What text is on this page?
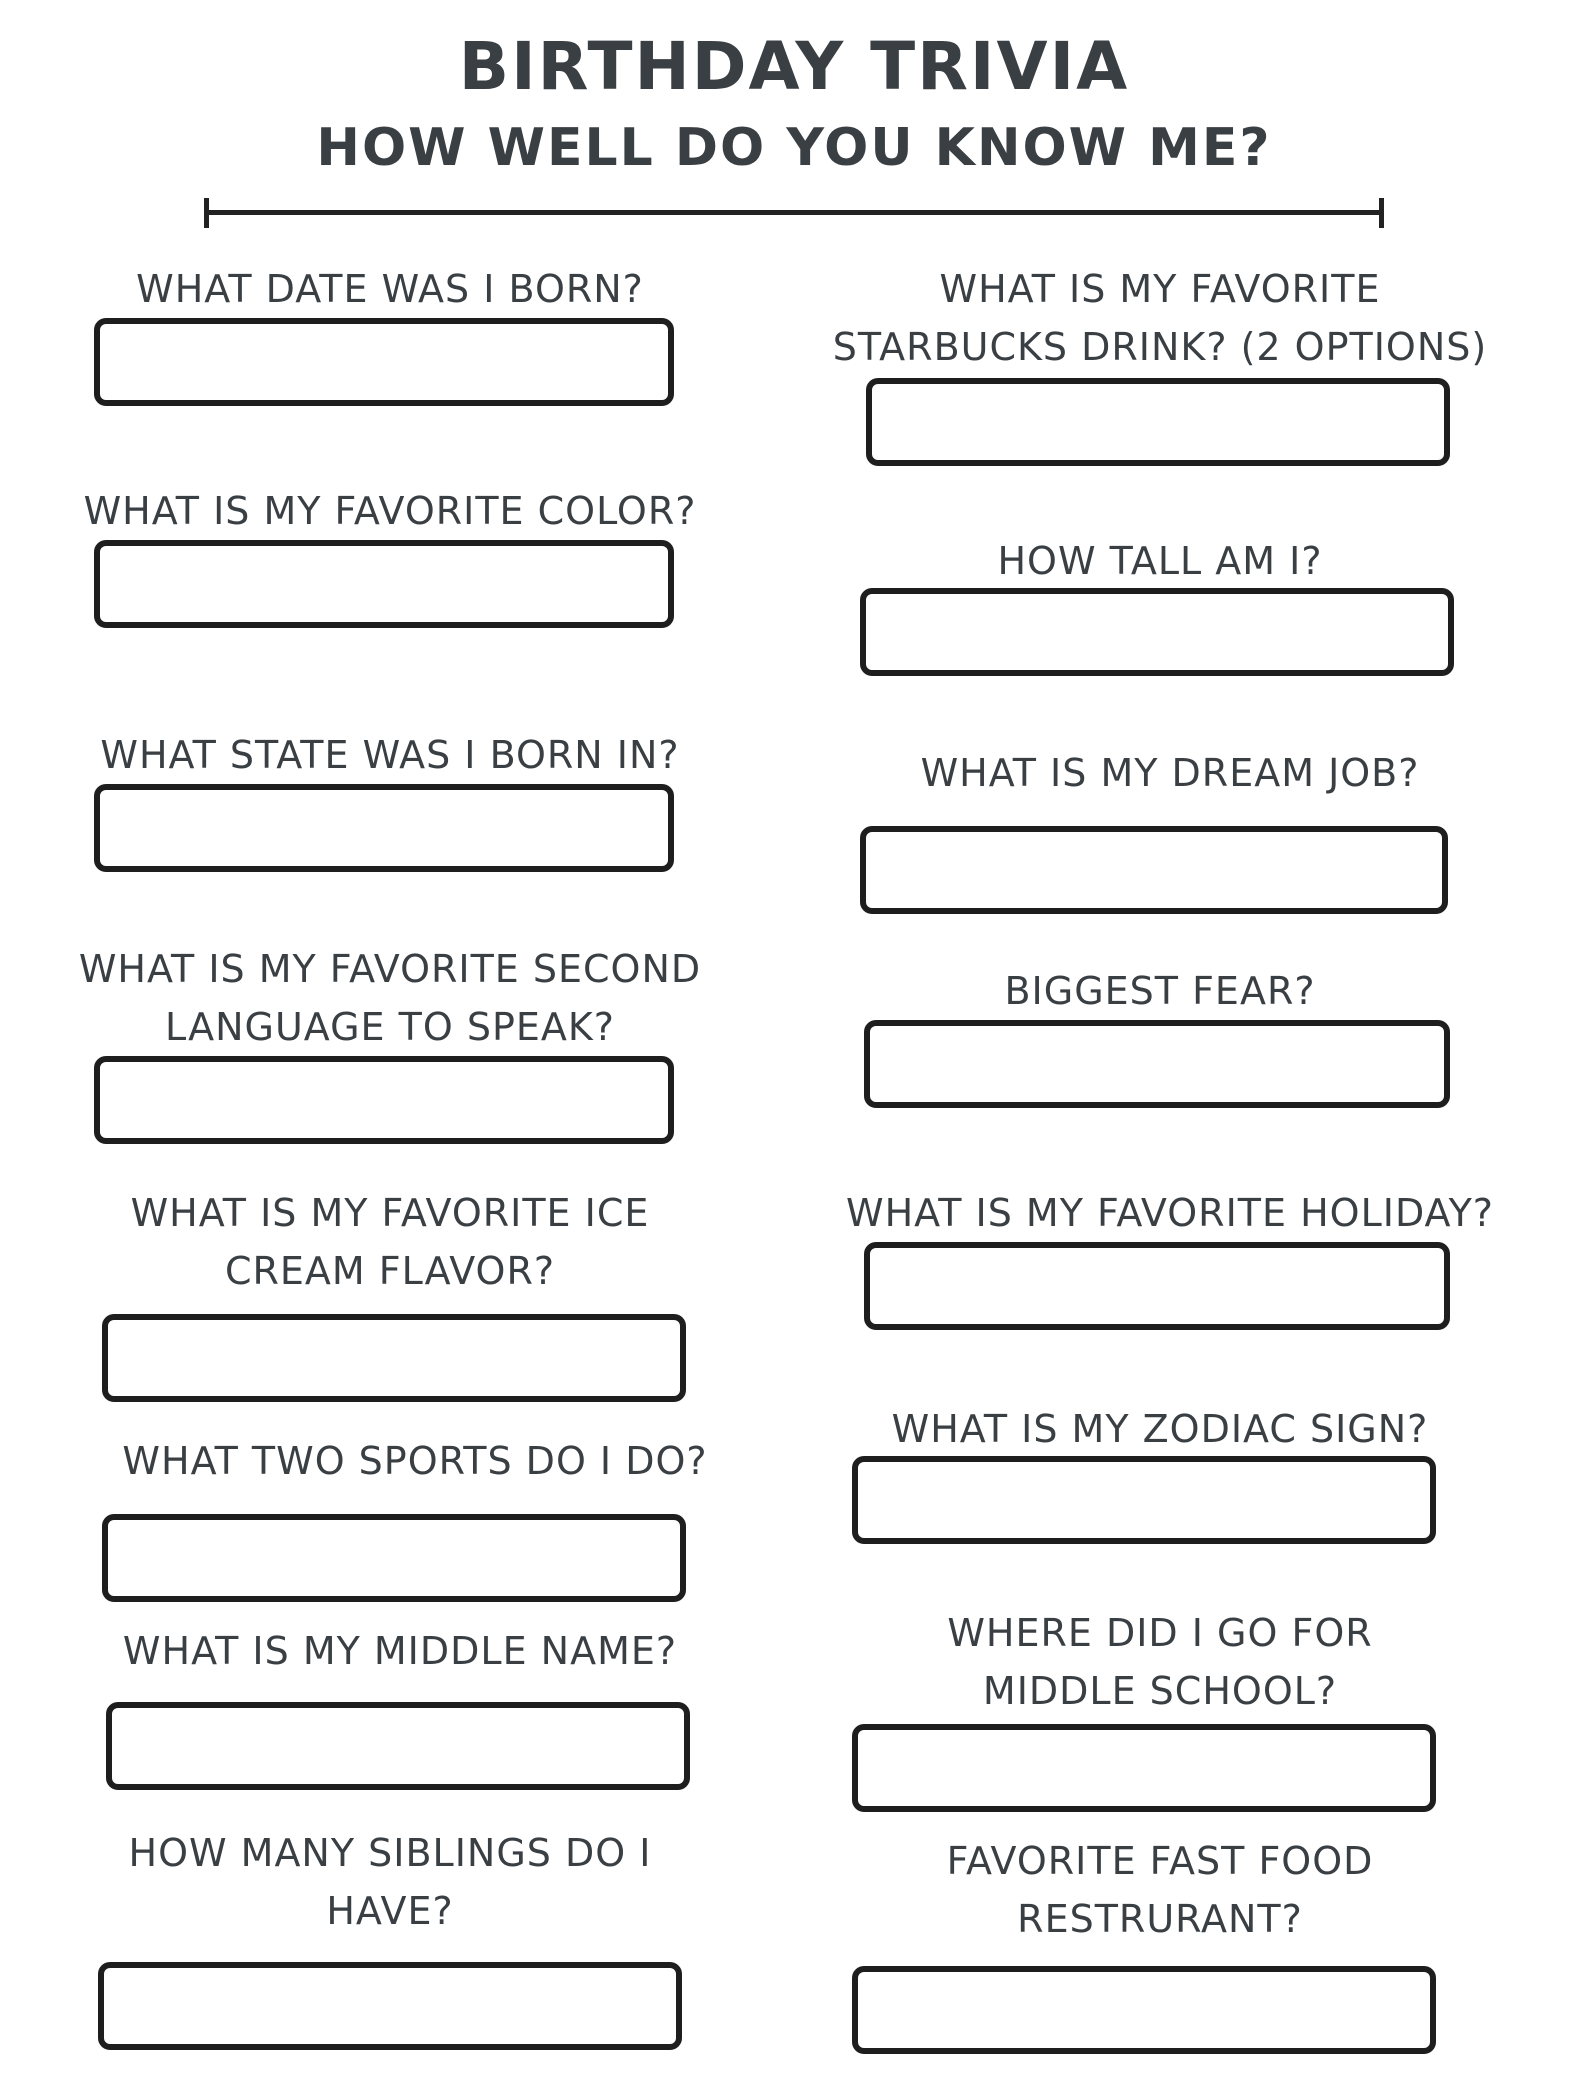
BIRTHDAY TRIVIA
HOW WELL DO YOU KNOW ME?
WHAT DATE WAS I BORN?
WHAT IS MY FAVORITE COLOR?
WHAT STATE WAS I BORN IN?
WHAT IS MY FAVORITE SECOND
LANGUAGE TO SPEAK?
WHAT IS MY FAVORITE ICE
CREAM FLAVOR?
WHAT TWO SPORTS DO I DO?
WHAT IS MY MIDDLE NAME?
HOW MANY SIBLINGS DO I
HAVE?
WHAT IS MY FAVORITE
STARBUCKS DRINK? (2 OPTIONS)
HOW TALL AM I?
WHAT IS MY DREAM JOB?
BIGGEST FEAR?
WHAT IS MY FAVORITE HOLIDAY?
WHAT IS MY ZODIAC SIGN?
WHERE DID I GO FOR
MIDDLE SCHOOL?
FAVORITE FAST FOOD
RESTRURANT?
